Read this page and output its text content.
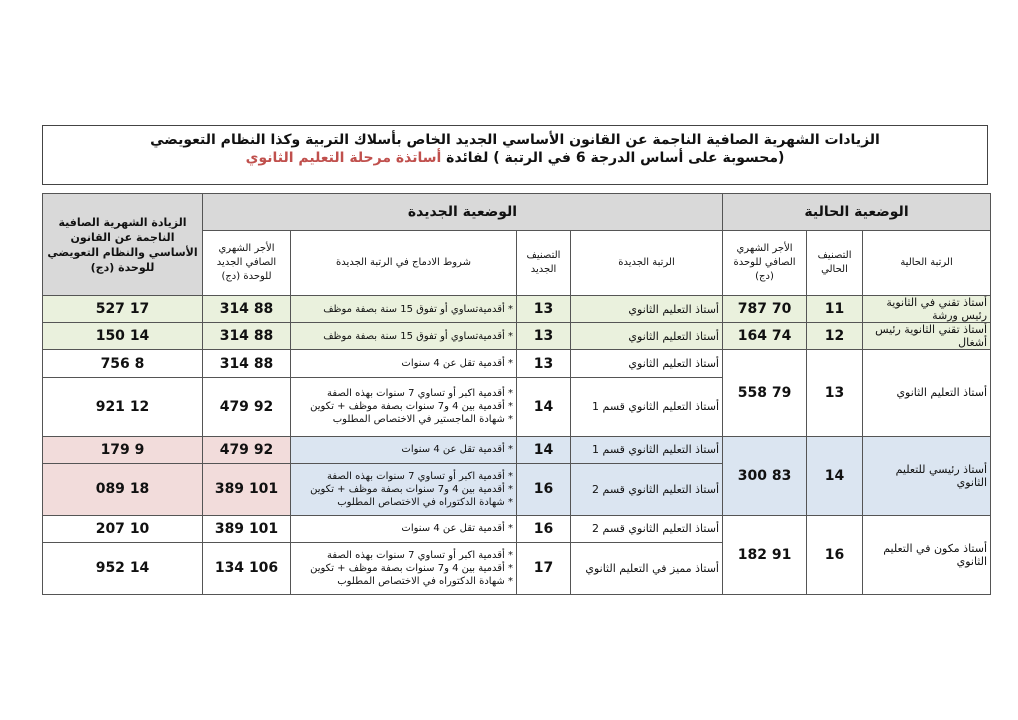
الزيادات الشهرية الصافية الناجمة عن القانون الأساسي الجديد الخاص بأسلاك التربية وكذا النظام التعويضي
(محسوبة على أساس الدرجة 6 في الرتبة ) لفائدة أساتذة مرحلة التعليم الثانوي
الوضعية الحالية			الوضعية الجديدة				الزيادة الشهرية الصافية الناجمة عن القانون الأساسي والنظام التعويضي للوحدة (دج)
الرتبة الحالية	التصنيف الحالي	الأجر الشهري الصافي للوحدة (دج)	الرتبة الجديدة	التصنيف الجديد	شروط الادماج في الرتبة الجديدة	الأجر الشهري الصافي الجديد للوحدة (دج)	
أستاذ تقني في الثانوية رئيس ورشة	11	70 787	أستاذ التعليم الثانوي	13	* أقدميةتساوي أو تفوق 15 سنة بصفة موظف	88 314	17 527
أستاذ تقني الثانوية رئيس أشغال	12	74 164	أستاذ التعليم الثانوي	13	* أقدميةتساوي أو تفوق 15 سنة بصفة موظف	88 314	14 150
أستاذ التعليم الثانوي	13	79 558	أستاذ التعليم الثانوي	13	* أقدمية تقل عن 4 سنوات	88 314	8 756
			أستاذ التعليم الثانوي قسم 1	14	* أقدمية اكبر أو تساوي 7 سنوات بهذه الصفة
* أقدمية بين 4 و7 سنوات بصفة موظف + تكوين
* شهادة الماجستير في الاختصاص المطلوب	92 479	12 921
أستاذ رئيسي للتعليم الثانوي	14	83 300	أستاذ التعليم الثانوي قسم 1	14	* أقدمية تقل عن 4 سنوات	92 479	9 179
			أستاذ التعليم الثانوي قسم 2	16	* أقدمية اكبر أو تساوي 7 سنوات بهذه الصفة
* أقدمية بين 4 و7 سنوات بصفة موظف + تكوين
* شهادة الدكتوراه في الاختصاص المطلوب	101 389	18 089
أستاذ مكون في التعليم الثانوي	16	91 182	أستاذ التعليم الثانوي قسم 2	16	* أقدمية تقل عن 4 سنوات	101 389	10 207
			أستاذ مميز في التعليم الثانوي	17	* أقدمية اكبر أو تساوي 7 سنوات بهذه الصفة
* أقدمية بين 4 و7 سنوات بصفة موظف + تكوين
* شهادة الدكتوراه في الاختصاص المطلوب	106 134	14 952
